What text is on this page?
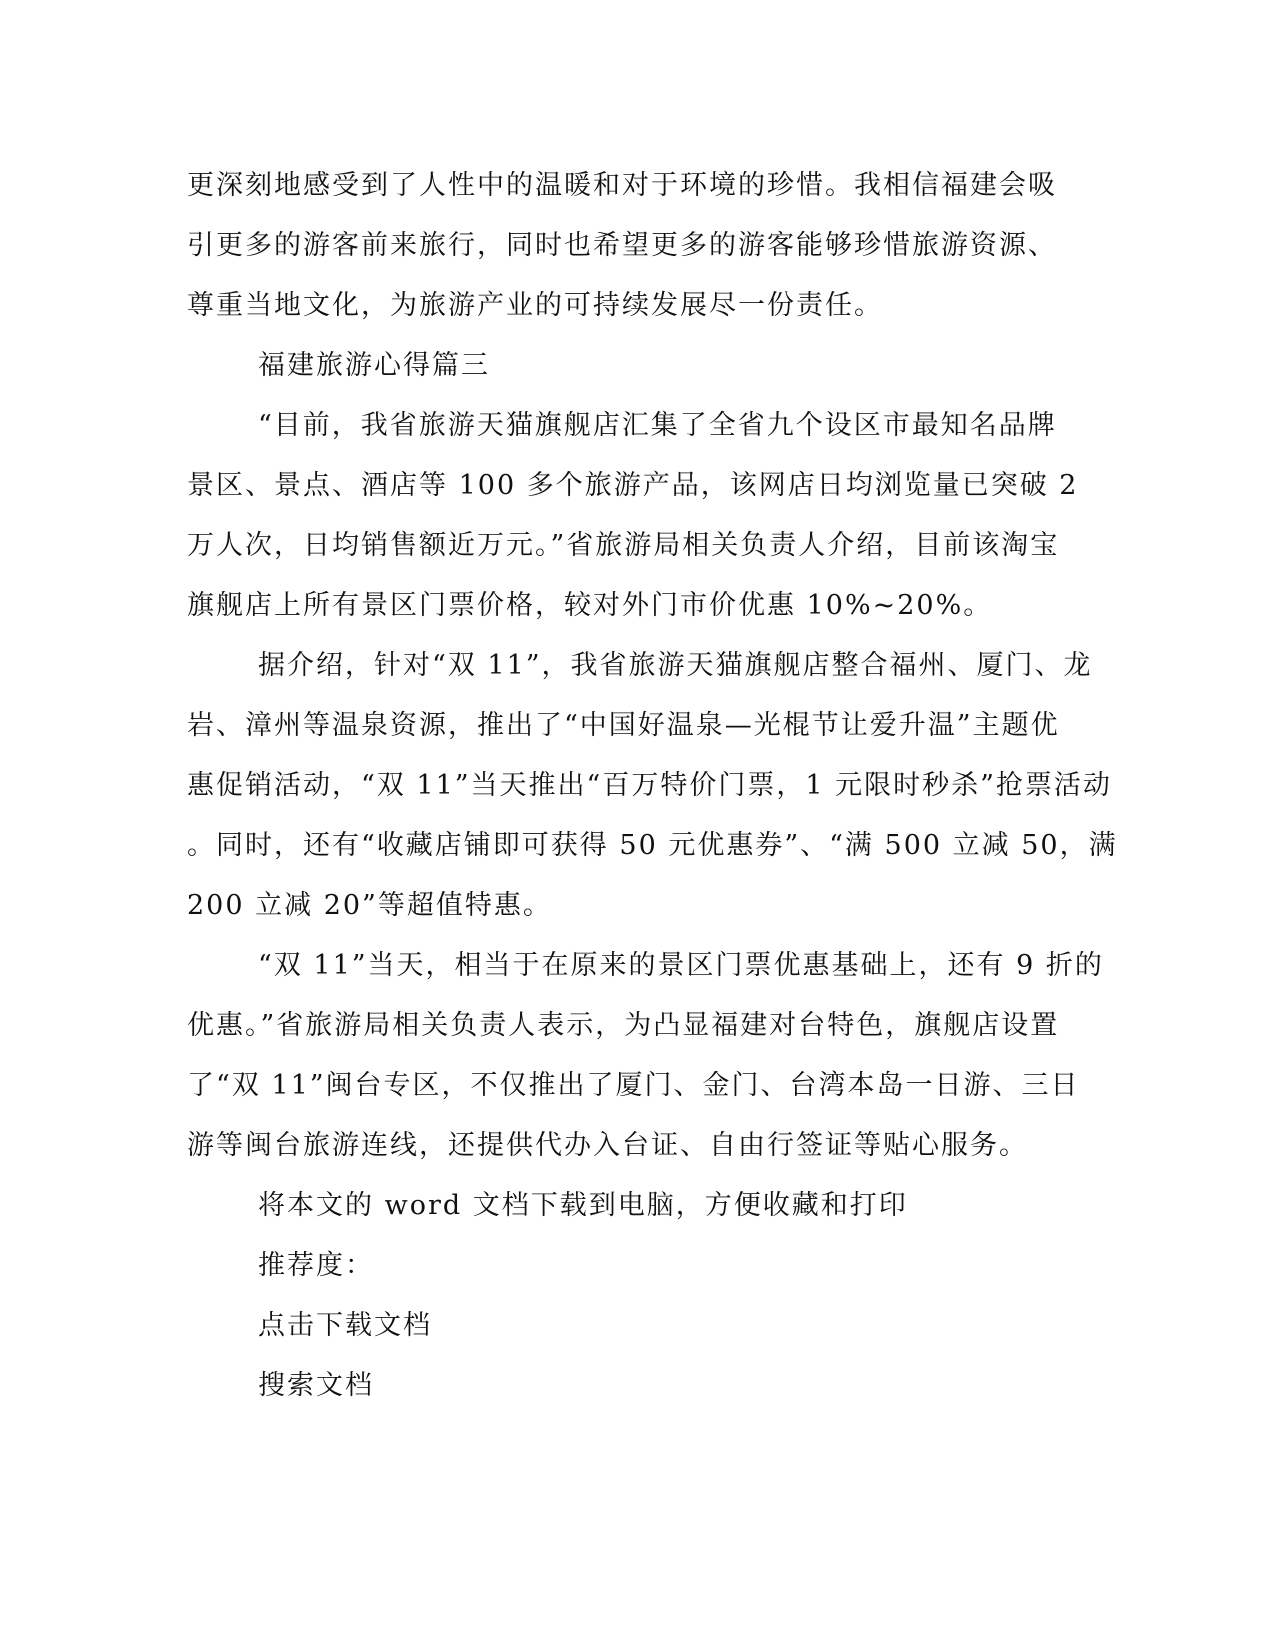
更深刻地感受到了人性中的温暖和对于环境的珍惜。我相信福建会吸
引更多的游客前来旅行，同时也希望更多的游客能够珍惜旅游资源、
尊重当地文化，为旅游产业的可持续发展尽一份责任。
福建旅游心得篇三
“目前，我省旅游天猫旗舰店汇集了全省九个设区市最知名品牌
景区、景点、酒店等 100 多个旅游产品，该网店日均浏览量已突破 2
万人次，日均销售额近万元。”省旅游局相关负责人介绍，目前该淘宝
旗舰店上所有景区门票价格，较对外门市价优惠 10%~20%。
据介绍，针对“双 11”，我省旅游天猫旗舰店整合福州、厦门、龙
岩、漳州等温泉资源，推出了“中国好温泉—光棍节让爱升温”主题优
惠促销活动，“双 11”当天推出“百万特价门票，1 元限时秒杀”抢票活动
。同时，还有“收藏店铺即可获得 50 元优惠券”、“满 500 立减 50，满
200 立减 20”等超值特惠。
“双 11”当天，相当于在原来的景区门票优惠基础上，还有 9 折的
优惠。”省旅游局相关负责人表示，为凸显福建对台特色，旗舰店设置
了“双 11”闽台专区，不仅推出了厦门、金门、台湾本岛一日游、三日
游等闽台旅游连线，还提供代办入台证、自由行签证等贴心服务。
将本文的 word 文档下载到电脑，方便收藏和打印
推荐度：
点击下载文档
搜索文档
